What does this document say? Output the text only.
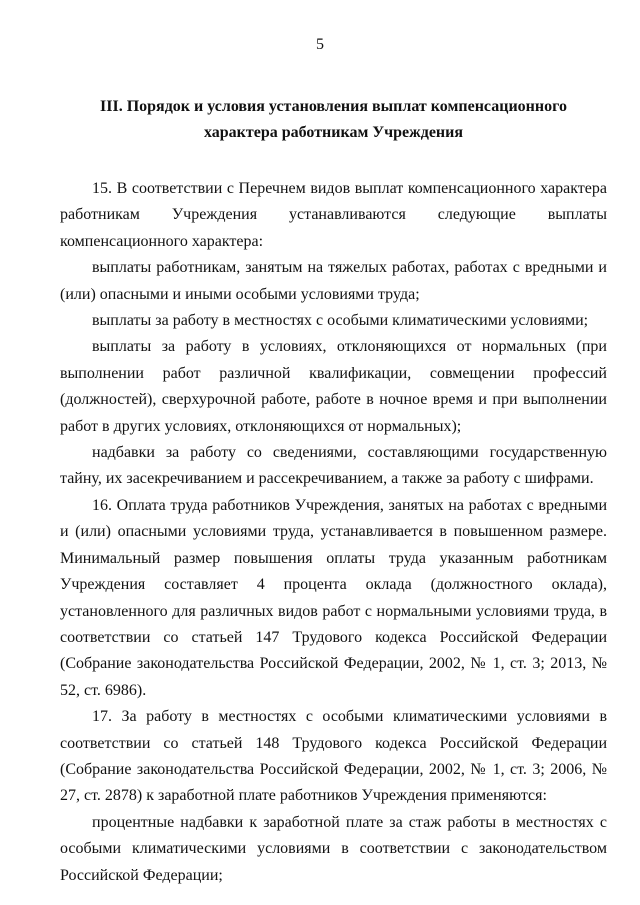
5
III. Порядок и условия установления выплат компенсационного
характера работникам Учреждения

15. В соответствии с Перечнем видов выплат компенсационного характера работникам Учреждения устанавливаются следующие выплаты компенсационного характера:

выплаты работникам, занятым на тяжелых работах, работах с вредными и (или) опасными и иными особыми условиями труда;

выплаты за работу в местностях с особыми климатическими условиями;

выплаты за работу в условиях, отклоняющихся от нормальных (при выполнении работ различной квалификации, совмещении профессий (должностей), сверхурочной работе, работе в ночное время и при выполнении работ в других условиях, отклоняющихся от нормальных);

надбавки за работу со сведениями, составляющими государственную тайну, их засекречиванием и рассекречиванием, а также за работу с шифрами.

16. Оплата труда работников Учреждения, занятых на работах с вредными и (или) опасными условиями труда, устанавливается в повышенном размере. Минимальный размер повышения оплаты труда указанным работникам Учреждения составляет 4 процента оклада (должностного оклада), установленного для различных видов работ с нормальными условиями труда, в соответствии со статьей 147 Трудового кодекса Российской Федерации (Собрание законодательства Российской Федерации, 2002, № 1, ст. 3; 2013, № 52, ст. 6986).

17. За работу в местностях с особыми климатическими условиями в соответствии со статьей 148 Трудового кодекса Российской Федерации (Собрание законодательства Российской Федерации, 2002, № 1, ст. 3; 2006, № 27, ст. 2878) к заработной плате работников Учреждения применяются:

процентные надбавки к заработной плате за стаж работы в местностях с особыми климатическими условиями в соответствии с законодательством Российской Федерации;
